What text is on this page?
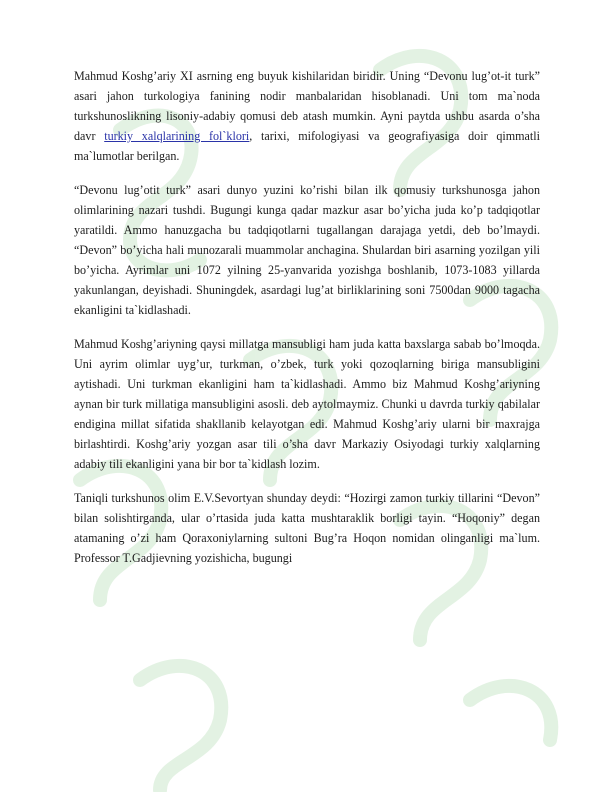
Mahmud Koshg’ariy XI asrning eng buyuk kishilaridan biridir. Uning “Devonu lug’ot-it turk” asari jahon turkologiya fanining nodir manbalaridan hisoblanadi. Uni tom ma`noda turkshunoslikning lisoniy-adabiy qomusi deb atash mumkin. Ayni paytda ushbu asarda o’sha davr turkiy xalqlarining fol`klori, tarixi, mifologiyasi va geografiyasiga doir qimmatli ma`lumotlar berilgan.

“Devonu lug’otit turk” asari dunyo yuzini ko’rishi bilan ilk qomusiy turkshunosga jahon olimlarining nazari tushdi. Bugungi kunga qadar mazkur asar bo’yicha juda ko’p tadqiqotlar yaratildi. Ammo hanuzgacha bu tadqiqotlarni tugallangan darajaga yetdi, deb bo’lmaydi. “Devon” bo’yicha hali munozarali muammolar anchagina. Shulardan biri asarning yozilgan yili bo’yicha. Ayrimlar uni 1072 yilning 25-yanvarida yozishga boshlanib, 1073-1083 yillarda yakunlangan, deyishadi. Shuningdek, asardagi lug’at birliklarining soni 7500dan 9000 tagacha ekanligini ta`kidlashadi.

Mahmud Koshg’ariyning qaysi millatga mansubligi ham juda katta baxslarga sabab bo’lmoqda. Uni ayrim olimlar uyg’ur, turkman, o’zbek, turk yoki qozoqlarning biriga mansubligini aytishadi. Uni turkman ekanligini ham ta`kidlashadi. Ammo biz Mahmud Koshg’ariyning aynan bir turk millatiga mansubligini asosli. deb aytolmaymiz. Chunki u davrda turkiy qabilalar endigina millat sifatida shakllanib kelayotgan edi. Mahmud Koshg’ariy ularni bir maxrajga birlashtirdi. Koshg’ariy yozgan asar tili o’sha davr Markaziy Osiyodagi turkiy xalqlarning adabiy tili ekanligini yana bir bor ta`kidlash lozim.

Taniqli turkshunos olim E.V.Sevortyan shunday deydi: “Hozirgi zamon turkiy tillarini “Devon” bilan solishtirganda, ular o’rtasida juda katta mushtaraklik borligi tayin. “Hoqoniy” degan atamaning o’zi ham Qoraxoniylarning sultoni Bug’ra Hoqon nomidan olinganligi ma`lum. Professor T.Gadjievning yozishicha, bugungi
